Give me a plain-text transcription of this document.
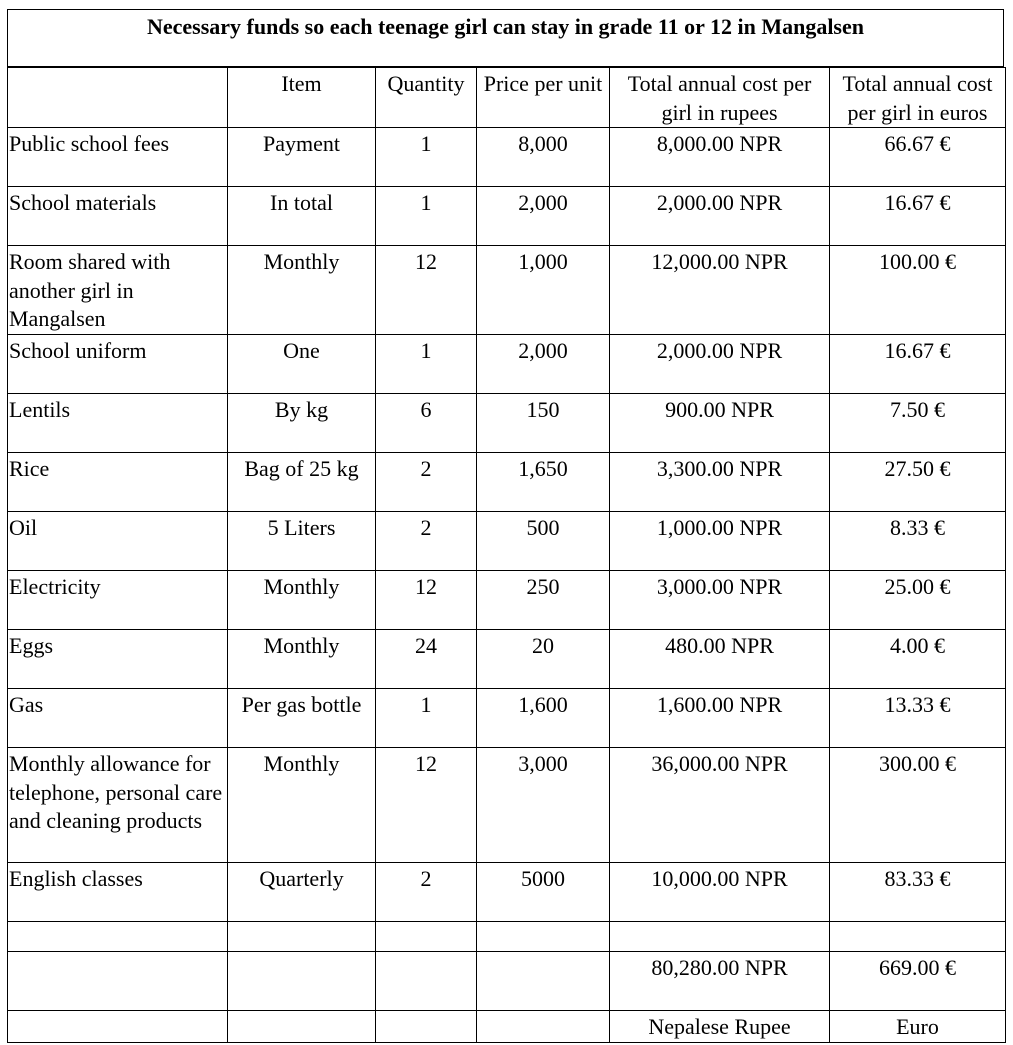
Necessary funds so each teenage girl can stay in grade 11 or 12 in Mangalsen
	Item	Quantity	Price per unit	Total annual cost per girl in rupees	Total annual cost per girl in euros
Public school fees	Payment	1	8,000	8,000.00 NPR	66.67 €
School materials	In total	1	2,000	2,000.00 NPR	16.67 €
Room shared with another girl in Mangalsen	Monthly	12	1,000	12,000.00 NPR	100.00 €
School uniform	One	1	2,000	2,000.00 NPR	16.67 €
Lentils	By kg	6	150	900.00 NPR	7.50 €
Rice	Bag of 25 kg	2	1,650	3,300.00 NPR	27.50 €
Oil	5 Liters	2	500	1,000.00 NPR	8.33 €
Electricity	Monthly	12	250	3,000.00 NPR	25.00 €
Eggs	Monthly	24	20	480.00 NPR	4.00 €
Gas	Per gas bottle	1	1,600	1,600.00 NPR	13.33 €
Monthly allowance for telephone, personal care and cleaning products	Monthly	12	3,000	36,000.00 NPR	300.00 €
English classes	Quarterly	2	5000	10,000.00 NPR	83.33 €

				80,280.00 NPR	669.00 €
				Nepalese Rupee	Euro
